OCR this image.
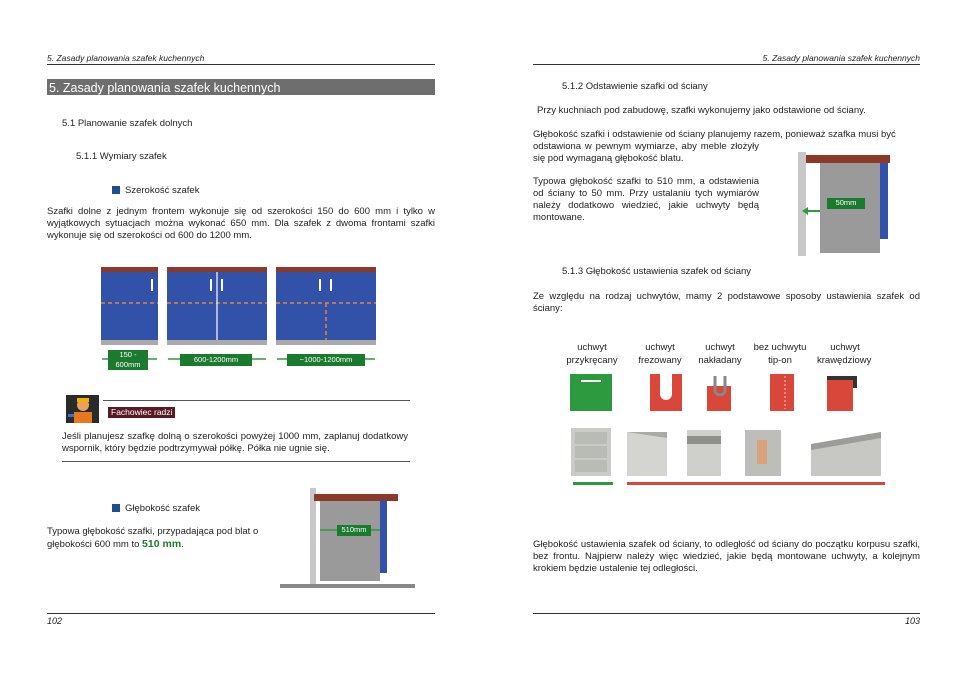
5. Zasady planowania szafek kuchennych
5. Zasady planowania szafek kuchennych
5.1 Planowanie szafek dolnych
5.1.1 Wymiary szafek
Szerokość szafek
Szafki dolne z jednym frontem wykonuje się od szerokości 150 do 600 mm i tylko w wyjątkowych sytuacjach można wykonać 650 mm. Dla szafek z dwoma frontami szafki wykonuje się od szerokości od 600 do 1200 mm.
150 - 600mm
600-1200mm	~1000-1200mm
Fachowiec radzi
Jeśli planujesz szafkę dolną o szerokości powyżej 1000 mm, zaplanuj dodatkowy wspornik, który będzie podtrzymywał półkę. Półka nie ugnie się.
Głębokość szafek
Typowa głębokość szafki, przypadająca pod blat o głębokości 600 mm to 510 mm.
510mm
102
5. Zasady planowania szafek kuchennych
5.1.2 Odstawienie szafki od ściany
Przy kuchniach pod zabudowę, szafki wykonujemy jako odstawione od ściany.
Głębokość szafki i odstawienie od ściany planujemy razem, ponieważ szafka musi być
odstawiona w pewnym wymiarze, aby meble złożyły się pod wymaganą głębokość blatu.
Typowa głębokość szafki to 510 mm, a odstawienia od ściany to 50 mm. Przy ustalaniu tych wymiarów należy dodatkowo wiedzieć, jakie uchwyty będą montowane.
50mm
5.1.3 Głębokość ustawienia szafek od ściany
Ze względu na rodzaj uchwytów, mamy 2 podstawowe sposoby ustawienia szafek od ściany:
uchwyt
przykręcany
uchwyt
frezowany
uchwyt
nakładany
bez uchwytu
tip-on
uchwyt
krawędziowy
Głębokość ustawienia szafek od ściany, to odległość od ściany do początku korpusu szafki, bez frontu. Najpierw należy więc wiedzieć, jakie będą montowane uchwyty, a kolejnym krokiem będzie ustalenie tej odległości.
103
